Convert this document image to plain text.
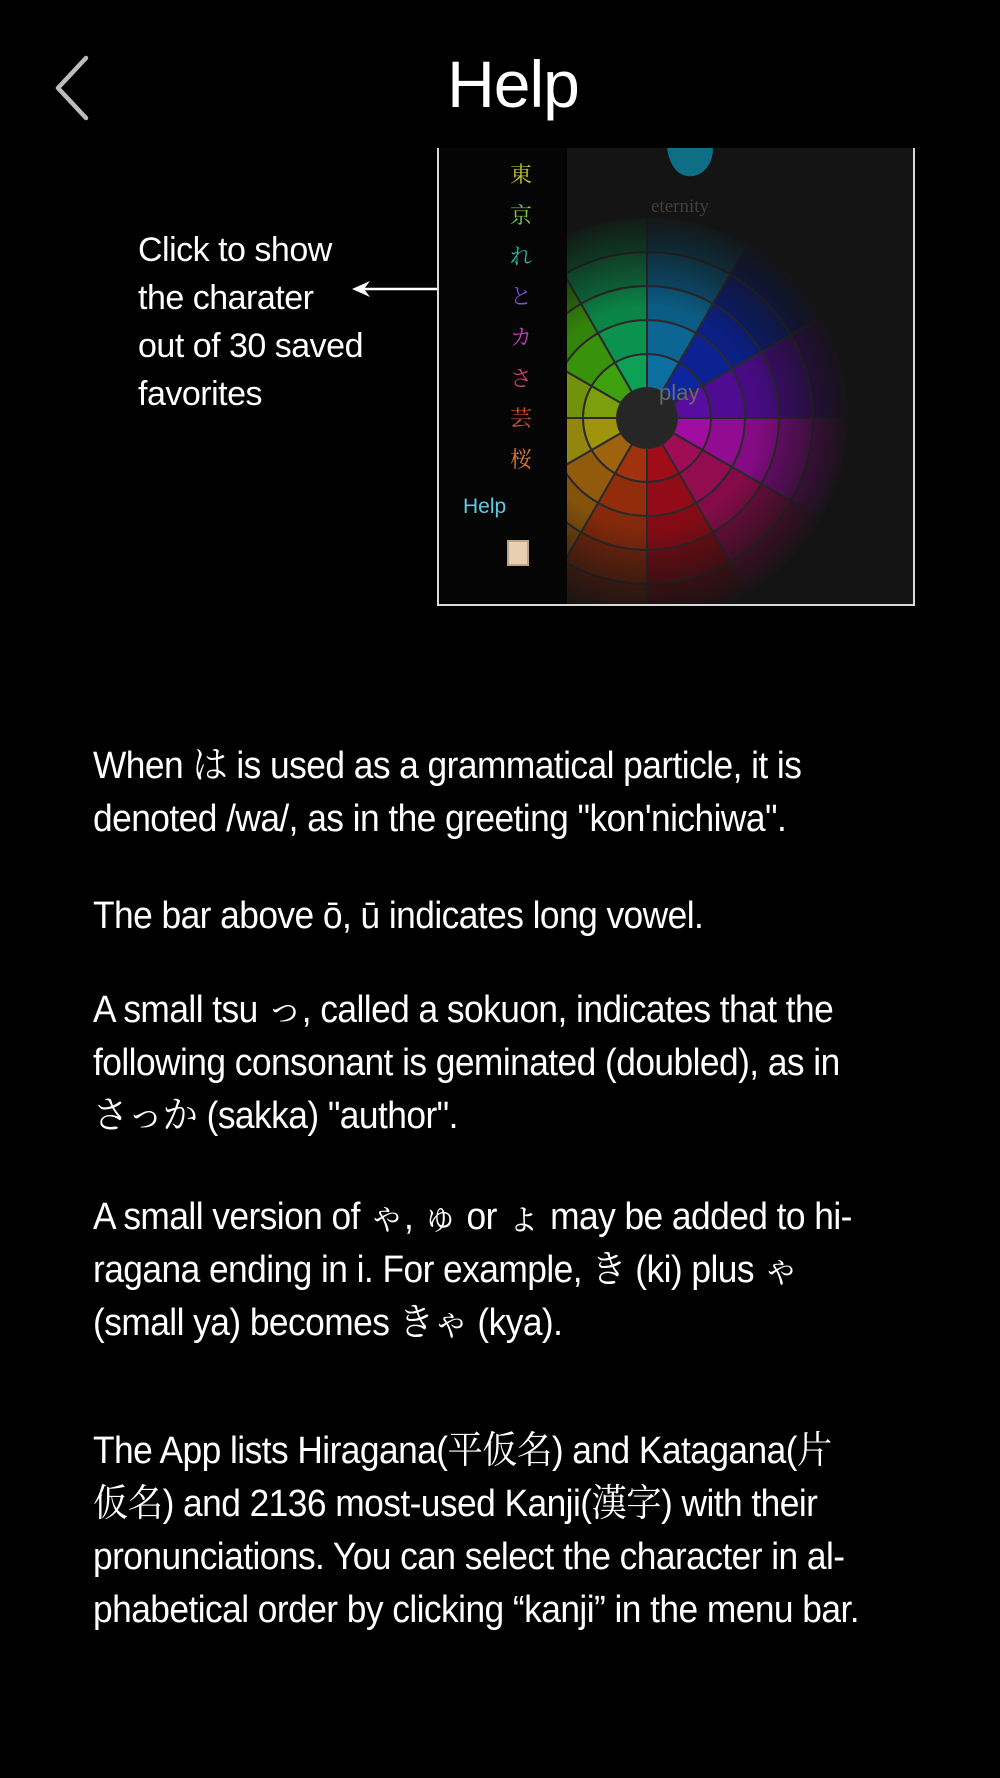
Help
Click to show
the charater
out of 30 saved
favorites
東
京
れ
と
カ
さ
芸
桜
Help
eternity
play

When は is used as a grammatical particle, it is
denoted /wa/, as in the greeting "kon'nichiwa".

The bar above ō, ū indicates long vowel.

A small tsu っ, called a sokuon, indicates that the
following consonant is geminated (doubled), as in
さっか (sakka) "author".

A small version of ゃ, ゅ or ょ may be added to hi-
ragana ending in i. For example, き (ki) plus ゃ
(small ya) becomes きゃ (kya).

The App lists Hiragana(平仮名) and Katagana(片
仮名) and 2136 most-used Kanji(漢字) with their
pronunciations. You can select the character in al-
phabetical order by clicking “kanji” in the menu bar.
